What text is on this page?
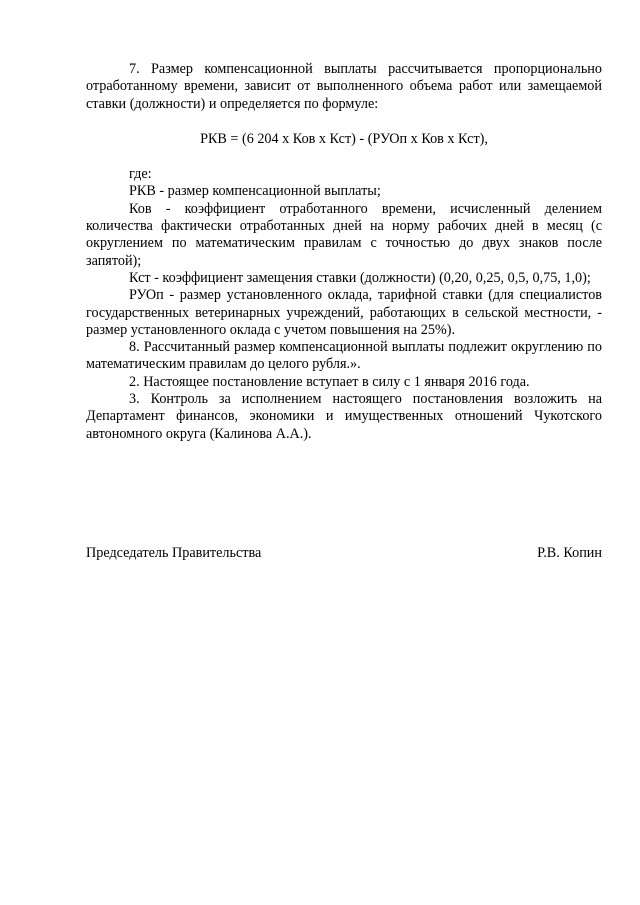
7. Размер компенсационной выплаты рассчитывается пропорционально отработанному времени, зависит от выполненного объема работ или замещаемой ставки (должности) и определяется по формуле:

РКВ = (6 204 х Ков х Кст) - (РУОп х Ков х Кст),

где:

РКВ - размер компенсационной выплаты;

Ков - коэффициент отработанного времени, исчисленный делением количества фактически отработанных дней на норму рабочих дней в месяц (с округлением по математическим правилам с точностью до двух знаков после запятой);

Кст - коэффициент замещения ставки (должности) (0,20, 0,25, 0,5, 0,75, 1,0);

РУОп - размер установленного оклада, тарифной ставки (для специалистов государственных ветеринарных учреждений, работающих в сельской местности, - размер установленного оклада с учетом повышения на 25%).

8. Рассчитанный размер компенсационной выплаты подлежит округлению по математическим правилам до целого рубля.».

2. Настоящее постановление вступает в силу с 1 января 2016 года.

3. Контроль за исполнением настоящего постановления возложить на Департамент финансов, экономики и имущественных отношений Чукотского автономного округа (Калинова А.А.).

Председатель Правительства	Р.В. Копин
